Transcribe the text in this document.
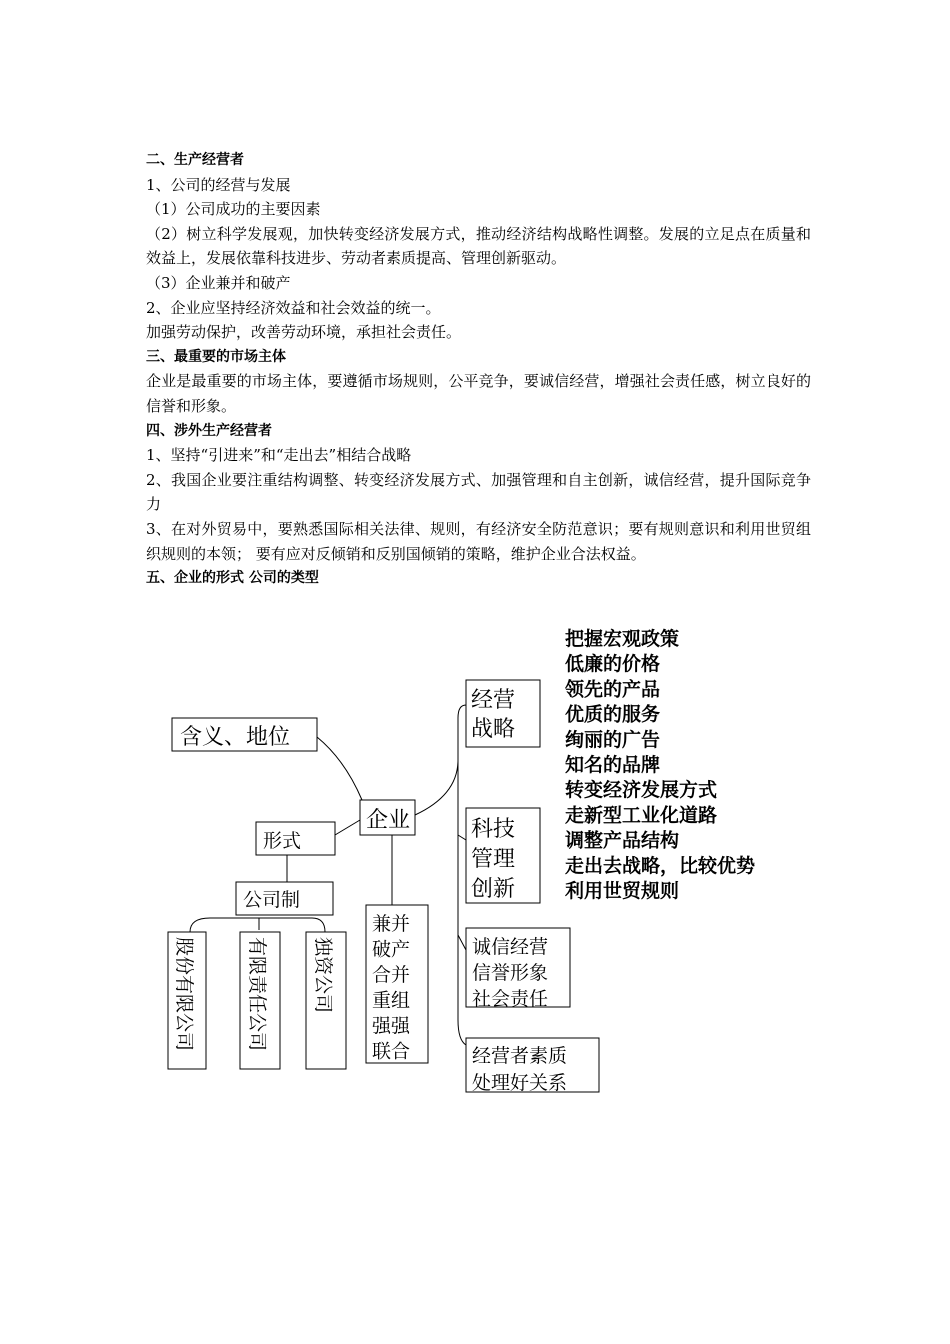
二、生产经营者

1、公司的经营与发展

（1）公司成功的主要因素

（2）树立科学发展观，加快转变经济发展方式，推动经济结构战略性调整。发展的立足点在质量和效益上，发展依靠科技进步、劳动者素质提高、管理创新驱动。

（3）企业兼并和破产

2、企业应坚持经济效益和社会效益的统一。

加强劳动保护，改善劳动环境，承担社会责任。

三、最重要的市场主体

企业是最重要的市场主体，要遵循市场规则，公平竞争，要诚信经营，增强社会责任感，树立良好的信誉和形象。

四、涉外生产经营者

1、坚持“引进来”和“走出去”相结合战略

2、我国企业要注重结构调整、转变经济发展方式、加强管理和自主创新，诚信经营，提升国际竞争力

3、在对外贸易中，要熟悉国际相关法律、规则，有经济安全防范意识；要有规则意识和利用世贸组织规则的本领； 要有应对反倾销和反别国倾销的策略，维护企业合法权益。

五、企业的形式 公司的类型

含义、地位
企业
形式
公司制
股份有限公司	有限责任公司 独资公司
兼并
破产
合并
重组
强强
联合
经营
战略
科技
管理
创新
诚信经营
信誉形象
社会责任
经营者素质
处理好关系
把握宏观政策
低廉的价格
领先的产品
优质的服务
绚丽的广告
知名的品牌
转变经济发展方式
走新型工业化道路
调整产品结构
走出去战略，比较优势
利用世贸规则
